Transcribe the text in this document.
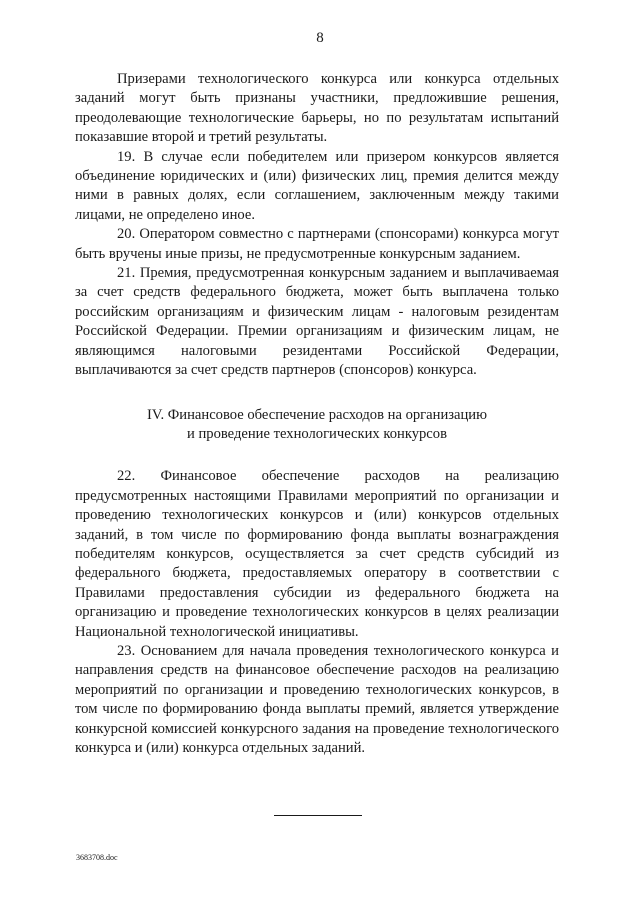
8

Призерами технологического конкурса или конкурса отдельных заданий могут быть признаны участники, предложившие решения, преодолевающие технологические барьеры, но по результатам испытаний показавшие второй и третий результаты.

19. В случае если победителем или призером конкурсов является объединение юридических и (или) физических лиц, премия делится между ними в равных долях, если соглашением, заключенным между такими лицами, не определено иное.

20. Оператором совместно с партнерами (спонсорами) конкурса могут быть вручены иные призы, не предусмотренные конкурсным заданием.

21. Премия, предусмотренная конкурсным заданием и выплачиваемая за счет средств федерального бюджета, может быть выплачена только российским организациям и физическим лицам - налоговым резидентам Российской Федерации. Премии организациям и физическим лицам, не являющимся налоговыми резидентами Российской Федерации, выплачиваются за счет средств партнеров (спонсоров) конкурса.

IV. Финансовое обеспечение расходов на организацию
и проведение технологических конкурсов

22. Финансовое обеспечение расходов на реализацию предусмотренных настоящими Правилами мероприятий по организации и проведению технологических конкурсов и (или) конкурсов отдельных заданий, в том числе по формированию фонда выплаты вознаграждения победителям конкурсов, осуществляется за счет средств субсидий из федерального бюджета, предоставляемых оператору в соответствии с Правилами предоставления субсидии из федерального бюджета на организацию и проведение технологических конкурсов в целях реализации Национальной технологической инициативы.

23. Основанием для начала проведения технологического конкурса и направления средств на финансовое обеспечение расходов на реализацию мероприятий по организации и проведению технологических конкурсов, в том числе по формированию фонда выплаты премий, является утверждение конкурсной комиссией конкурсного задания на проведение технологического конкурса и (или) конкурса отдельных заданий.

3683708.doc
